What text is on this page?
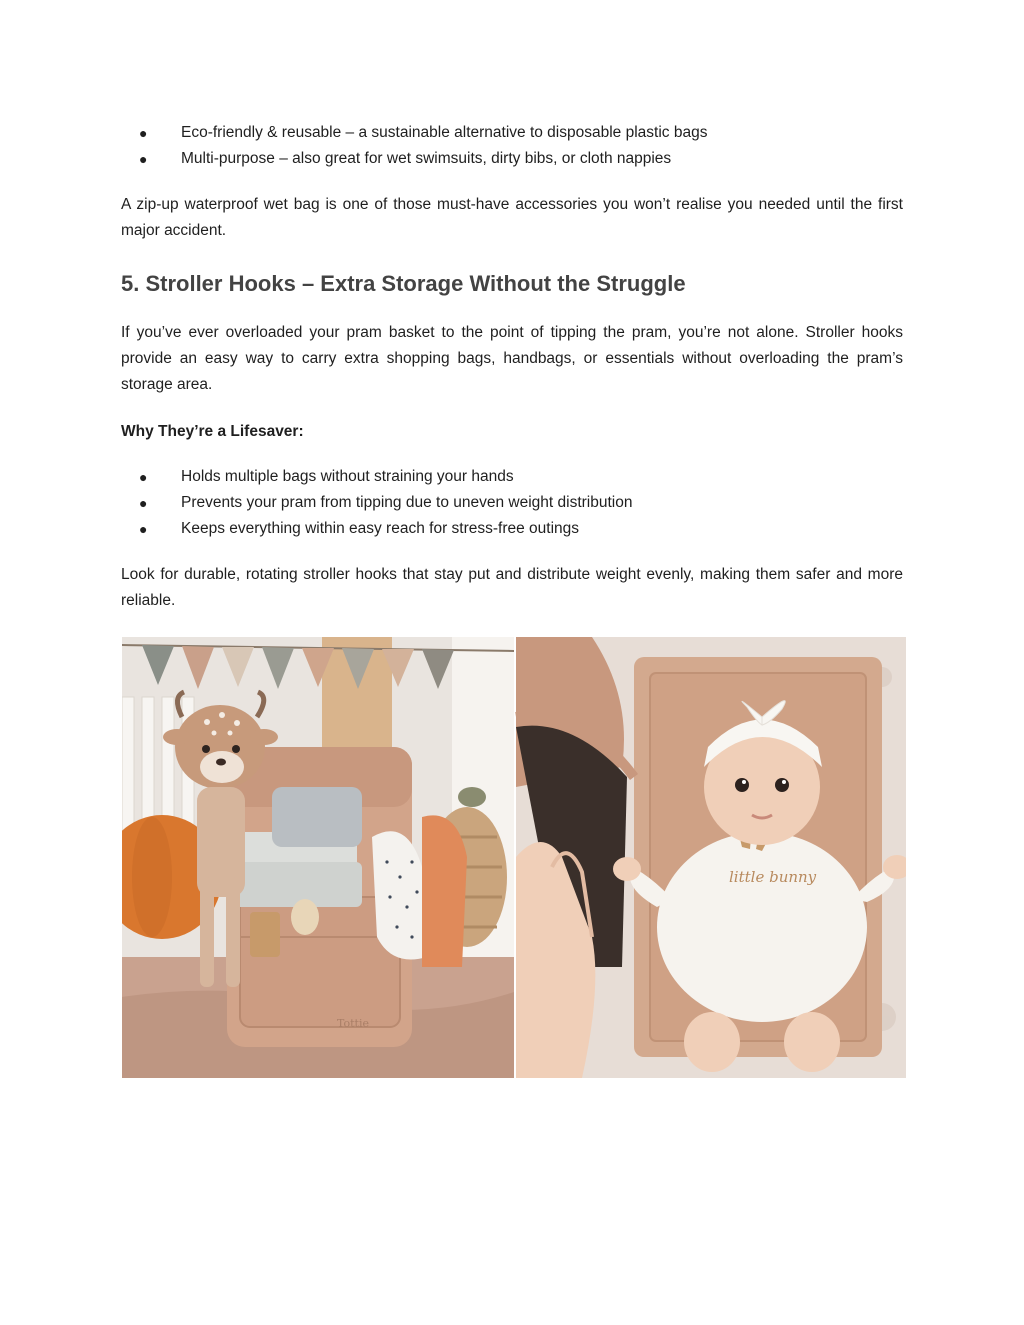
● Eco-friendly & reusable – a sustainable alternative to disposable plastic bags
● Multi-purpose – also great for wet swimsuits, dirty bibs, or cloth nappies

A zip-up waterproof wet bag is one of those must-have accessories you won’t realise you needed until the first major accident.

5. Stroller Hooks – Extra Storage Without the Struggle

If you’ve ever overloaded your pram basket to the point of tipping the pram, you’re not alone. Stroller hooks provide an easy way to carry extra shopping bags, handbags, or essentials without overloading the pram’s storage area.

Why They’re a Lifesaver:

● Holds multiple bags without straining your hands
● Prevents your pram from tipping due to uneven weight distribution
● Keeps everything within easy reach for stress-free outings

Look for durable, rotating stroller hooks that stay put and distribute weight evenly, making them safer and more reliable.

Tottie
little bunny
